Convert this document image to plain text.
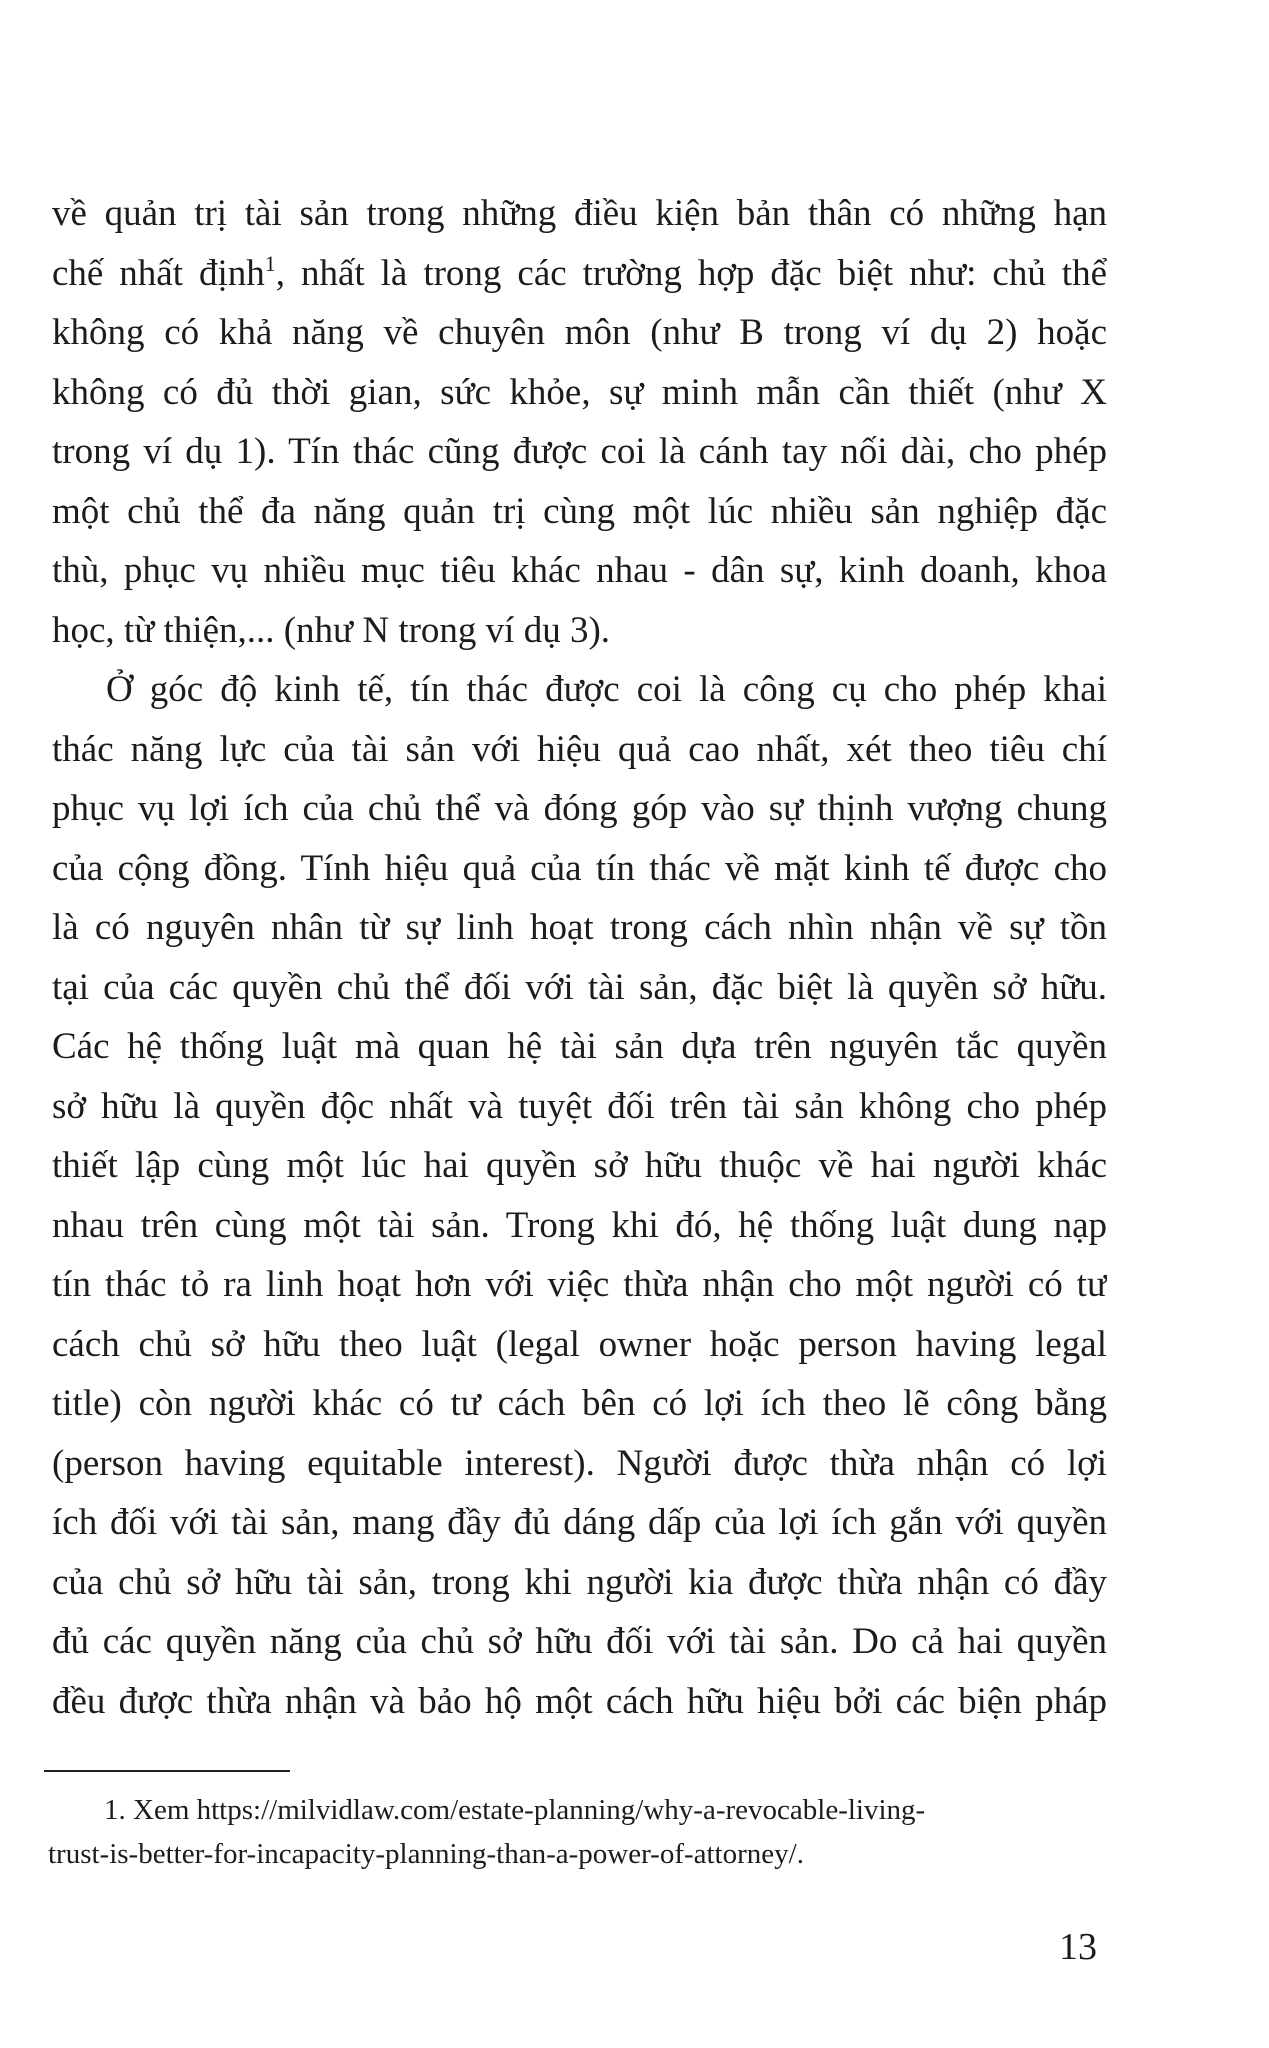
về quản trị tài sản trong những điều kiện bản thân có những hạn
chế nhất định$^1$, nhất là trong các trường hợp đặc biệt như: chủ thể
không có khả năng về chuyên môn (như B trong ví dụ 2) hoặc
không có đủ thời gian, sức khỏe, sự minh mẫn cần thiết (như X
trong ví dụ 1). Tín thác cũng được coi là cánh tay nối dài, cho phép
một chủ thể đa năng quản trị cùng một lúc nhiều sản nghiệp đặc
thù, phục vụ nhiều mục tiêu khác nhau - dân sự, kinh doanh, khoa
học, từ thiện,... (như N trong ví dụ 3).
Ở góc độ kinh tế, tín thác được coi là công cụ cho phép khai
thác năng lực của tài sản với hiệu quả cao nhất, xét theo tiêu chí
phục vụ lợi ích của chủ thể và đóng góp vào sự thịnh vượng chung
của cộng đồng. Tính hiệu quả của tín thác về mặt kinh tế được cho
là có nguyên nhân từ sự linh hoạt trong cách nhìn nhận về sự tồn
tại của các quyền chủ thể đối với tài sản, đặc biệt là quyền sở hữu.
Các hệ thống luật mà quan hệ tài sản dựa trên nguyên tắc quyền
sở hữu là quyền độc nhất và tuyệt đối trên tài sản không cho phép
thiết lập cùng một lúc hai quyền sở hữu thuộc về hai người khác
nhau trên cùng một tài sản. Trong khi đó, hệ thống luật dung nạp
tín thác tỏ ra linh hoạt hơn với việc thừa nhận cho một người có tư
cách chủ sở hữu theo luật (legal owner hoặc person having legal
title) còn người khác có tư cách bên có lợi ích theo lẽ công bằng
(person having equitable interest). Người được thừa nhận có lợi
ích đối với tài sản, mang đầy đủ dáng dấp của lợi ích gắn với quyền
của chủ sở hữu tài sản, trong khi người kia được thừa nhận có đầy
đủ các quyền năng của chủ sở hữu đối với tài sản. Do cả hai quyền
đều được thừa nhận và bảo hộ một cách hữu hiệu bởi các biện pháp
1. Xem https://milvidlaw.com/estate-planning/why-a-revocable-living-
trust-is-better-for-incapacity-planning-than-a-power-of-attorney/.
13
